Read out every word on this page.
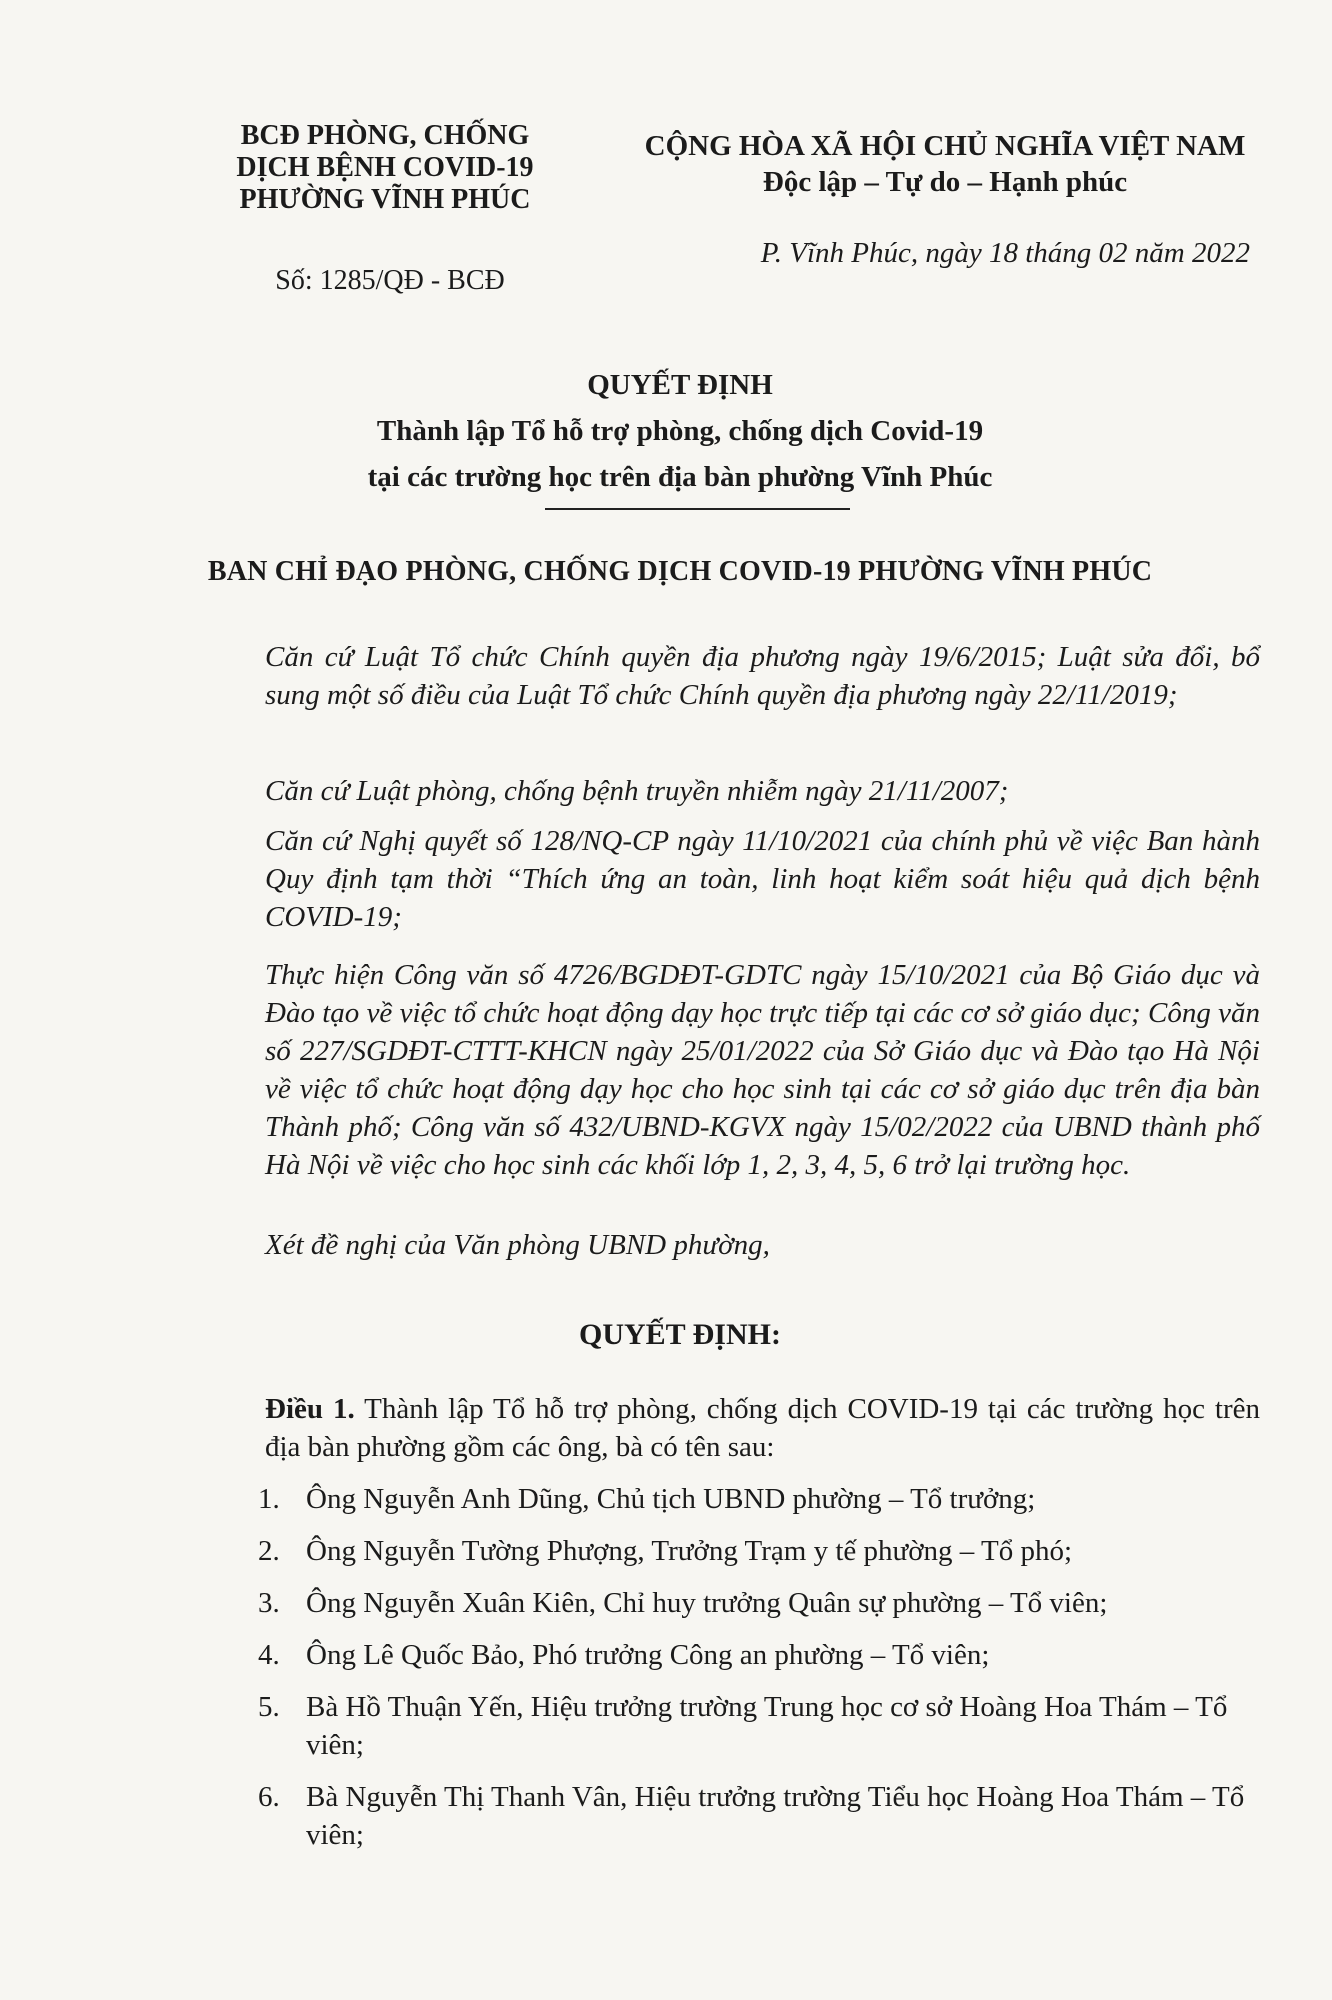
BCĐ PHÒNG, CHỐNG
DỊCH BỆNH COVID-19
PHƯỜNG VĨNH PHÚC
Số: 1285/QĐ - BCĐ
CỘNG HÒA XÃ HỘI CHỦ NGHĨA VIỆT NAM
Độc lập – Tự do – Hạnh phúc
P. Vĩnh Phúc, ngày 18 tháng 02 năm 2022
QUYẾT ĐỊNH
Thành lập Tổ hỗ trợ phòng, chống dịch Covid-19
tại các trường học trên địa bàn phường Vĩnh Phúc
BAN CHỈ ĐẠO PHÒNG, CHỐNG DỊCH COVID-19 PHƯỜNG VĨNH PHÚC
Căn cứ Luật Tổ chức Chính quyền địa phương ngày 19/6/2015; Luật sửa đổi, bổ sung một số điều của Luật Tổ chức Chính quyền địa phương ngày 22/11/2019;
Căn cứ Luật phòng, chống bệnh truyền nhiễm ngày 21/11/2007;
Căn cứ Nghị quyết số 128/NQ-CP ngày 11/10/2021 của chính phủ về việc Ban hành Quy định tạm thời “Thích ứng an toàn, linh hoạt kiểm soát hiệu quả dịch bệnh COVID-19;
Thực hiện Công văn số 4726/BGDĐT-GDTC ngày 15/10/2021 của Bộ Giáo dục và Đào tạo về việc tổ chức hoạt động dạy học trực tiếp tại các cơ sở giáo dục; Công văn số 227/SGDĐT-CTTT-KHCN ngày 25/01/2022 của Sở Giáo dục và Đào tạo Hà Nội về việc tổ chức hoạt động dạy học cho học sinh tại các cơ sở giáo dục trên địa bàn Thành phố; Công văn số 432/UBND-KGVX ngày 15/02/2022 của UBND thành phố Hà Nội về việc cho học sinh các khối lớp 1, 2, 3, 4, 5, 6 trở lại trường học.
Xét đề nghị của Văn phòng UBND phường,
QUYẾT ĐỊNH:
Điều 1. Thành lập Tổ hỗ trợ phòng, chống dịch COVID-19 tại các trường học trên địa bàn phường gồm các ông, bà có tên sau:
1. Ông Nguyễn Anh Dũng, Chủ tịch UBND phường – Tổ trưởng;
2. Ông Nguyễn Tường Phượng, Trưởng Trạm y tế phường – Tổ phó;
3. Ông Nguyễn Xuân Kiên, Chỉ huy trưởng Quân sự phường – Tổ viên;
4. Ông Lê Quốc Bảo, Phó trưởng Công an phường – Tổ viên;
5. Bà Hồ Thuận Yến, Hiệu trưởng trường Trung học cơ sở Hoàng Hoa Thám – Tổ viên;
6. Bà Nguyễn Thị Thanh Vân, Hiệu trưởng trường Tiểu học Hoàng Hoa Thám – Tổ viên;
